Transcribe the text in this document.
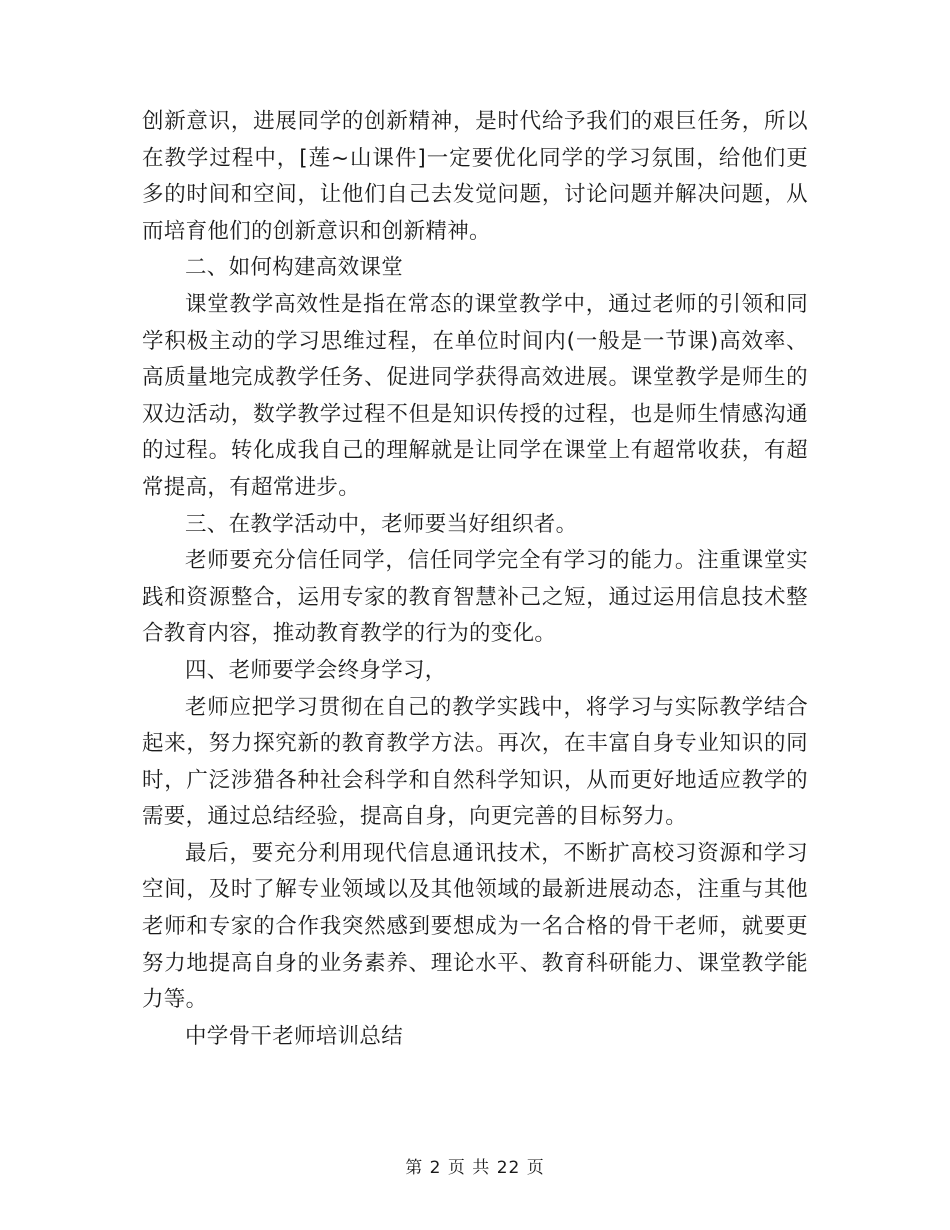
创新意识，进展同学的创新精神，是时代给予我们的艰巨任务，所以在教学过程中，[莲~山课件]一定要优化同学的学习氛围，给他们更多的时间和空间，让他们自己去发觉问题，讨论问题并解决问题，从而培育他们的创新意识和创新精神。

二、如何构建高效课堂

课堂教学高效性是指在常态的课堂教学中，通过老师的引领和同学积极主动的学习思维过程，在单位时间内(一般是一节课)高效率、高质量地完成教学任务、促进同学获得高效进展。课堂教学是师生的双边活动，数学教学过程不但是知识传授的过程，也是师生情感沟通的过程。转化成我自己的理解就是让同学在课堂上有超常收获，有超常提高，有超常进步。

三、在教学活动中，老师要当好组织者。

老师要充分信任同学，信任同学完全有学习的能力。注重课堂实践和资源整合，运用专家的教育智慧补己之短，通过运用信息技术整合教育内容，推动教育教学的行为的变化。

四、老师要学会终身学习，

老师应把学习贯彻在自己的教学实践中，将学习与实际教学结合起来，努力探究新的教育教学方法。再次，在丰富自身专业知识的同时，广泛涉猎各种社会科学和自然科学知识，从而更好地适应教学的需要，通过总结经验，提高自身，向更完善的目标努力。

最后，要充分利用现代信息通讯技术，不断扩高校习资源和学习空间，及时了解专业领域以及其他领域的最新进展动态，注重与其他老师和专家的合作我突然感到要想成为一名合格的骨干老师，就要更努力地提高自身的业务素养、理论水平、教育科研能力、课堂教学能力等。

中学骨干老师培训总结

第 2 页 共 22 页
